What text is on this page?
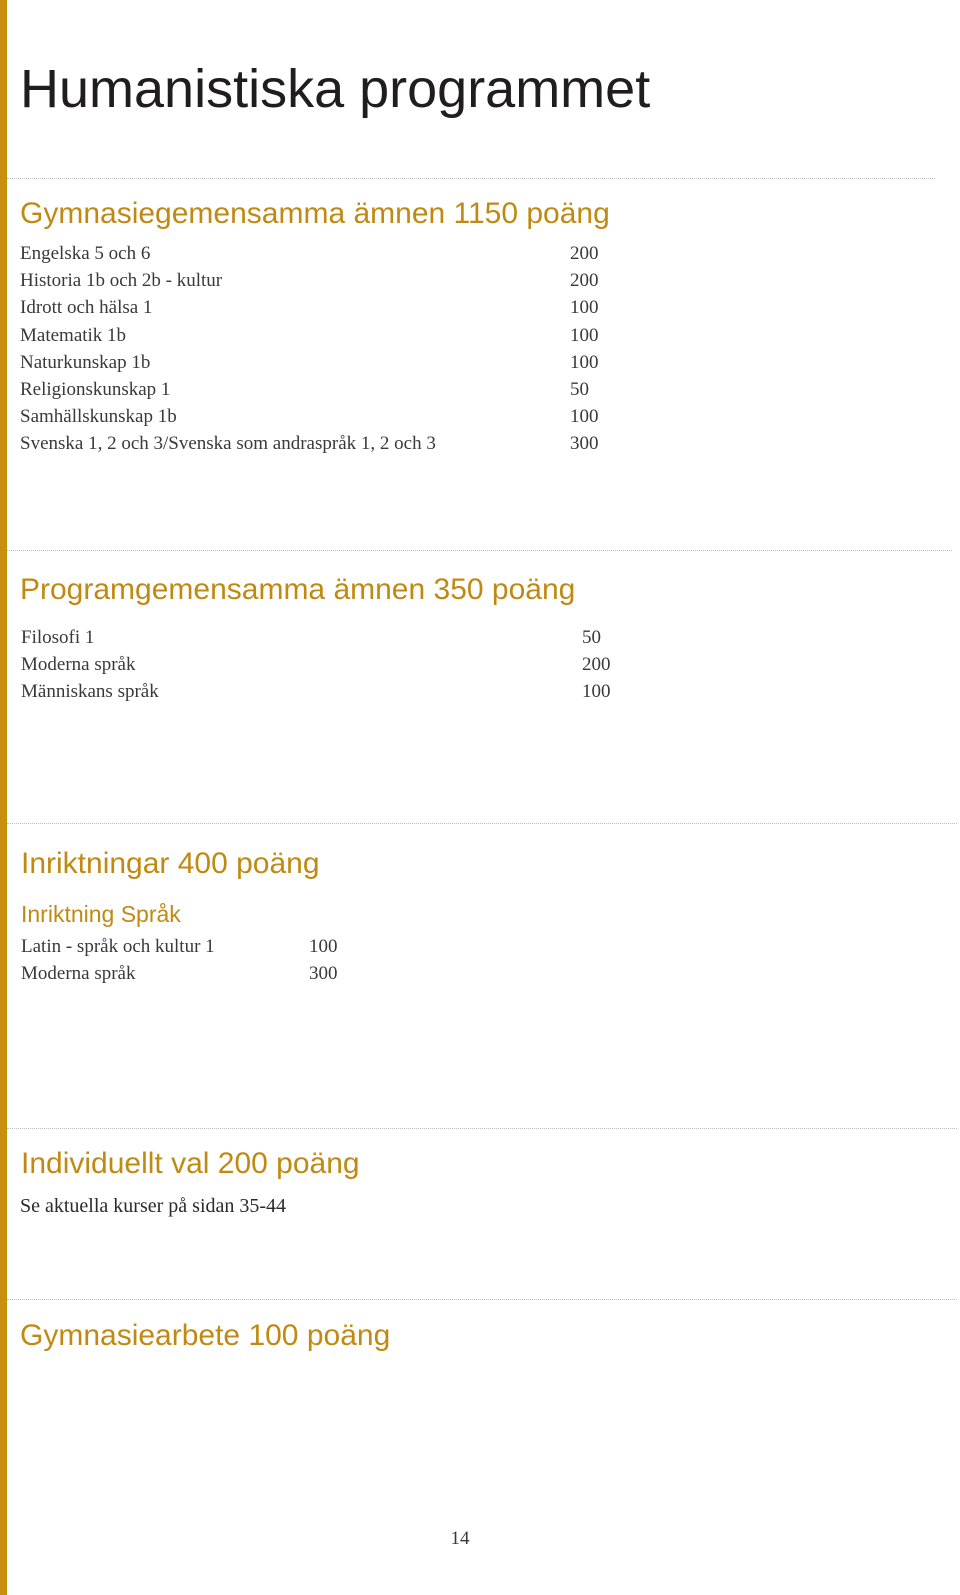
Humanistiska programmet
Gymnasiegemensamma ämnen 1150 poäng
Engelska 5 och 6	200
Historia 1b och 2b - kultur	200
Idrott och hälsa 1	100
Matematik 1b	100
Naturkunskap 1b	100
Religionskunskap 1	50
Samhällskunskap 1b	100
Svenska 1, 2 och 3/Svenska som andraspråk 1, 2 och 3	300
Programgemensamma ämnen 350 poäng
Filosofi 1	50
Moderna språk	200
Människans språk	100
Inriktningar 400 poäng
Inriktning Språk
Latin - språk och kultur 1	100
Moderna språk	300
Individuellt val 200 poäng

Se aktuella kurser på sidan 35-44

Gymnasiearbete 100 poäng
14
